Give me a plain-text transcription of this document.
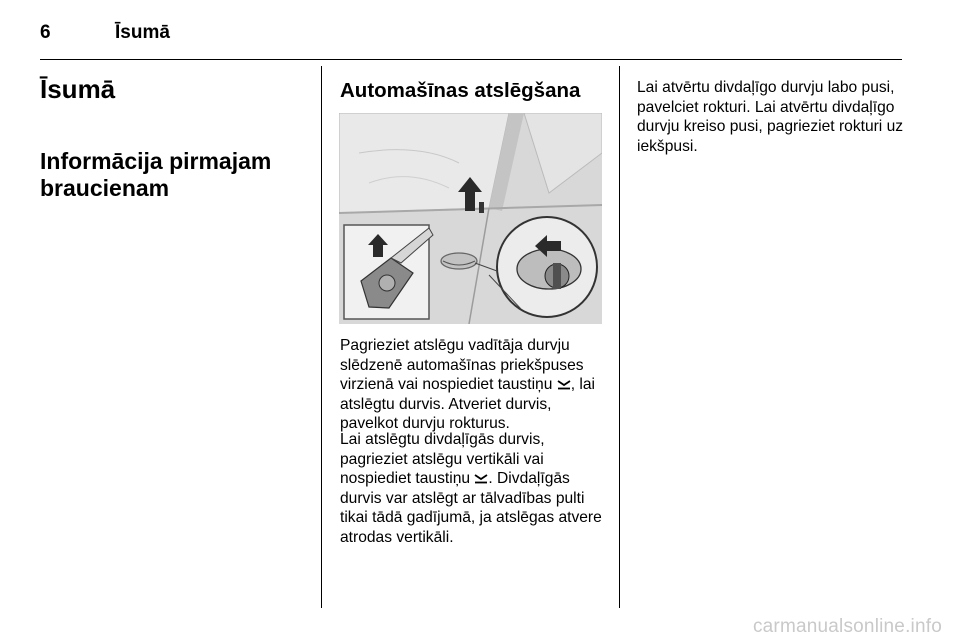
6	Īsumā
Īsumā
Informācija pirmajam braucienam
Automašīnas atslēgšana

Pagrieziet atslēgu vadītāja durvju slēdzenē automašīnas priekšpuses virzienā vai nospiediet taustiņu , lai atslēgtu durvis. Atveriet durvis, pavelkot durvju rokturus.

Lai atslēgtu divdaļīgās durvis, pagrieziet atslēgu vertikāli vai nospiediet taustiņu . Divdaļīgās durvis var atslēgt ar tālvadības pulti tikai tādā gadījumā, ja atslēgas atvere atrodas vertikāli.

Lai atvērtu divdaļīgo durvju labo pusi, pavelciet rokturi. Lai atvērtu divdaļīgo durvju kreiso pusi, pagrieziet rokturi uz iekšpusi.

carmanualsonline.info
